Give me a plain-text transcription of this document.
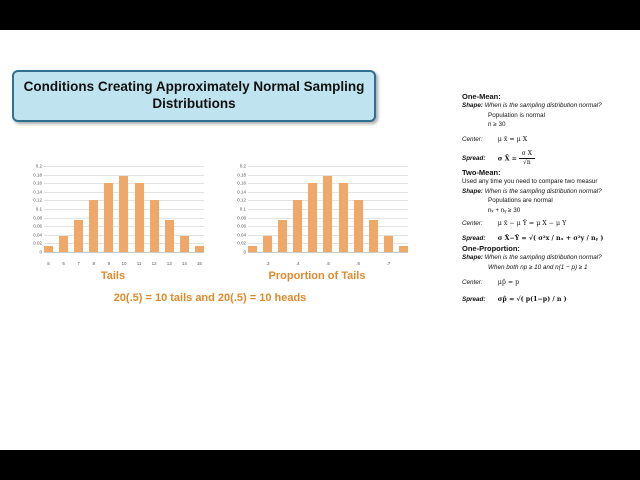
Conditions Creating Approximately Normal Sampling Distributions
5	6	7	8	9	10	11	12	13	14	15
0.2
0.18
0.16
0.14
0.12
0.1
0.08
0.06
0.04
0.02
0
Tails
.3	.4	.5	.6	.7
0.2
0.18
0.16
0.14
0.12
0.1
0.08
0.06
0.04
0.02
0
Proportion of Tails
20(.5) = 10 tails and 20(.5) = 10 heads
One-Mean:
Shape: When is the sampling distribution normal?
Population is normal
n ≥ 30
Center: μ x̄ = μ X
Spread: σ X̄ = $\frac{\text{σ X}}{√n}$
Two-Mean:
Used any time you need to compare two measur
Shape: When is the sampling distribution normal?
Populations are normal
nₓ + nᵧ ≥ 30
Center: μ x̄ − μ Ȳ = μ X − μ Y
Spread: σ X̄−Ȳ = √( σ²x / nₓ + σ²y / nᵧ )
One-Proportion:
Shape: When is the sampling distribution normal?
When both np ≥ 10 and n(1 − p) ≥ 1
Center: μp̂ = p
Spread: σp̂ = √( p(1−p) / n )
